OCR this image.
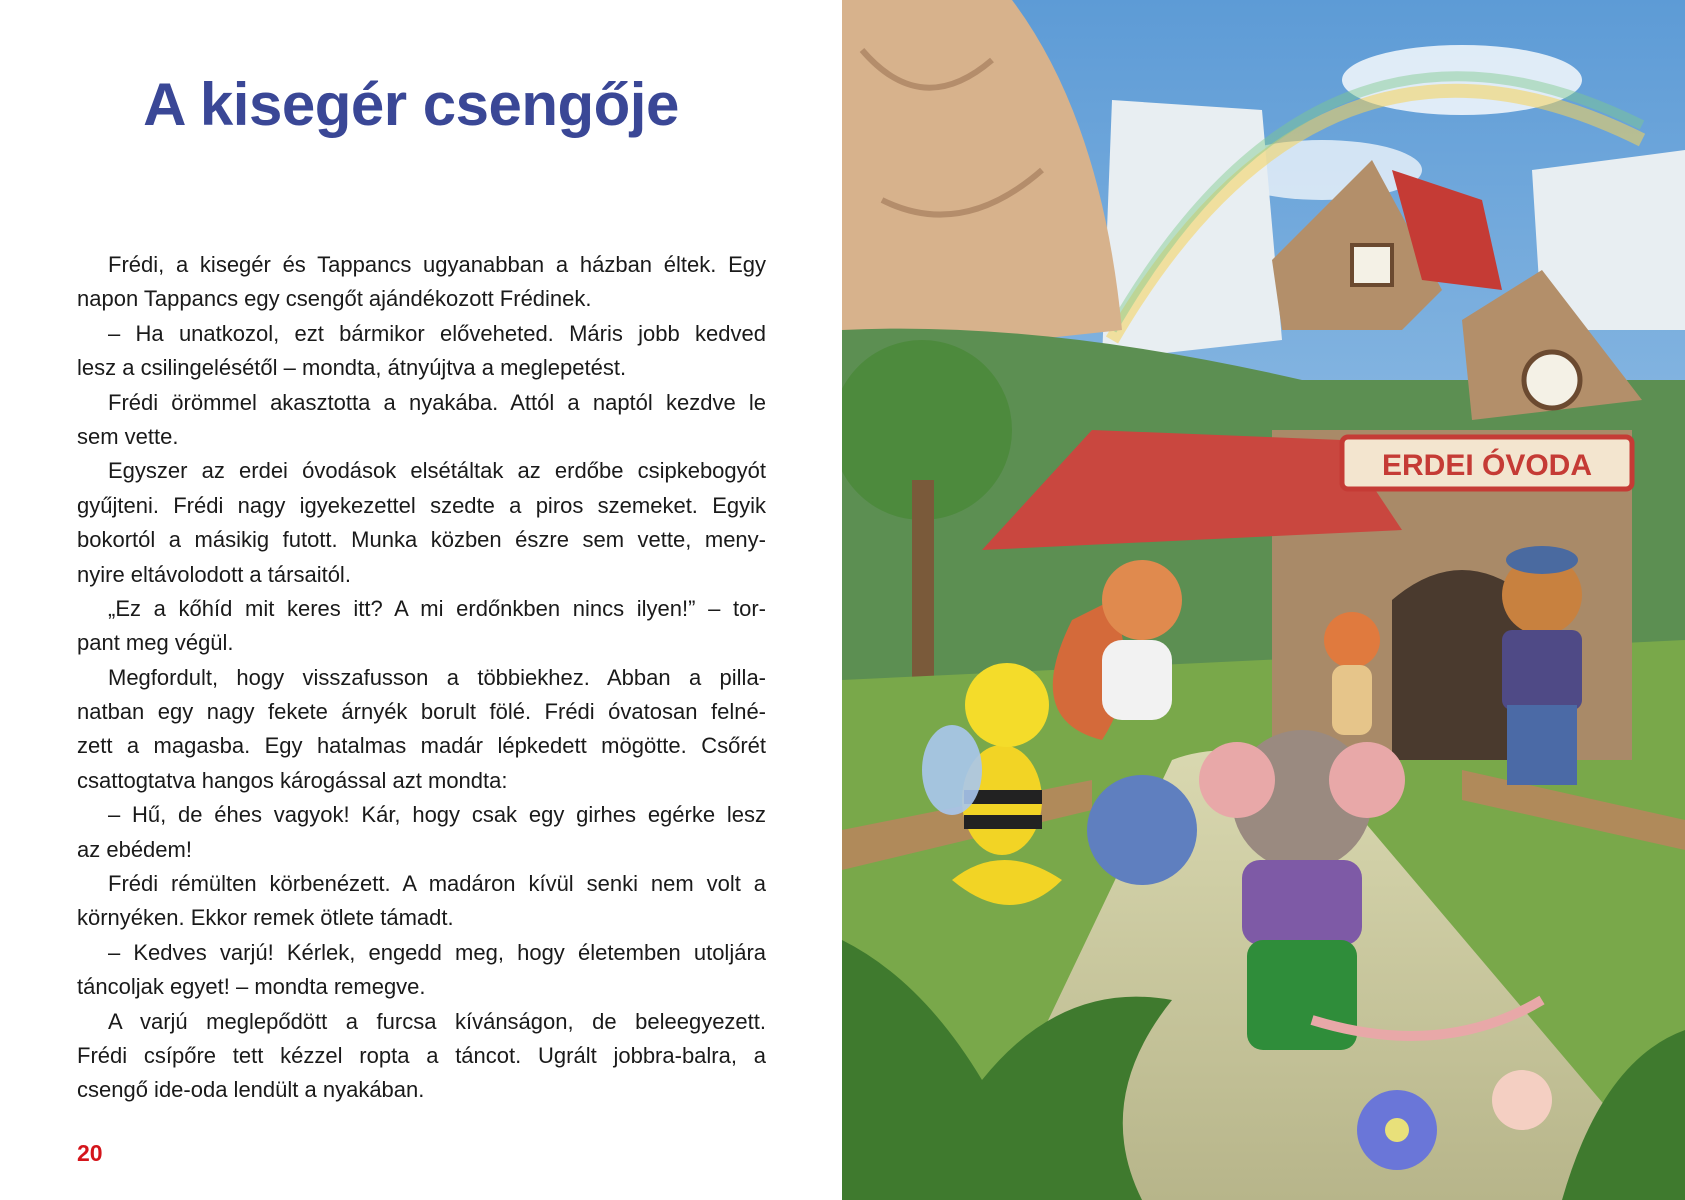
A kisegér csengője
Frédi, a kisegér és Tappancs ugyanabban a házban éltek. Egy
napon Tappancs egy csengőt ajándékozott Frédinek.
– Ha unatkozol, ezt bármikor előveheted. Máris jobb kedved
lesz a csilingelésétől – mondta, átnyújtva a meglepetést.
Frédi örömmel akasztotta a nyakába. Attól a naptól kezdve le
sem vette.
Egyszer az erdei óvodások elsétáltak az erdőbe csipkebogyót
gyűjteni. Frédi nagy igyekezettel szedte a piros szemeket. Egyik
bokortól a másikig futott. Munka közben észre sem vette, meny-
nyire eltávolodott a társaitól.
„Ez a kőhíd mit keres itt? A mi erdőnkben nincs ilyen!” – tor-
pant meg végül.
Megfordult, hogy visszafusson a többiekhez. Abban a pilla-
natban egy nagy fekete árnyék borult fölé. Frédi óvatosan felné-
zett a magasba. Egy hatalmas madár lépkedett mögötte. Csőrét
csattogtatva hangos károgással azt mondta:
– Hű, de éhes vagyok! Kár, hogy csak egy girhes egérke lesz
az ebédem!
Frédi rémülten körbenézett. A madáron kívül senki nem volt a
környéken. Ekkor remek ötlete támadt.
– Kedves varjú! Kérlek, engedd meg, hogy életemben utoljára
táncoljak egyet! – mondta remegve.
A varjú meglepődött a furcsa kívánságon, de beleegyezett.
Frédi csípőre tett kézzel ropta a táncot. Ugrált jobbra-balra, a
csengő ide-oda lendült a nyakában.
20
ERDEI ÓVODA
